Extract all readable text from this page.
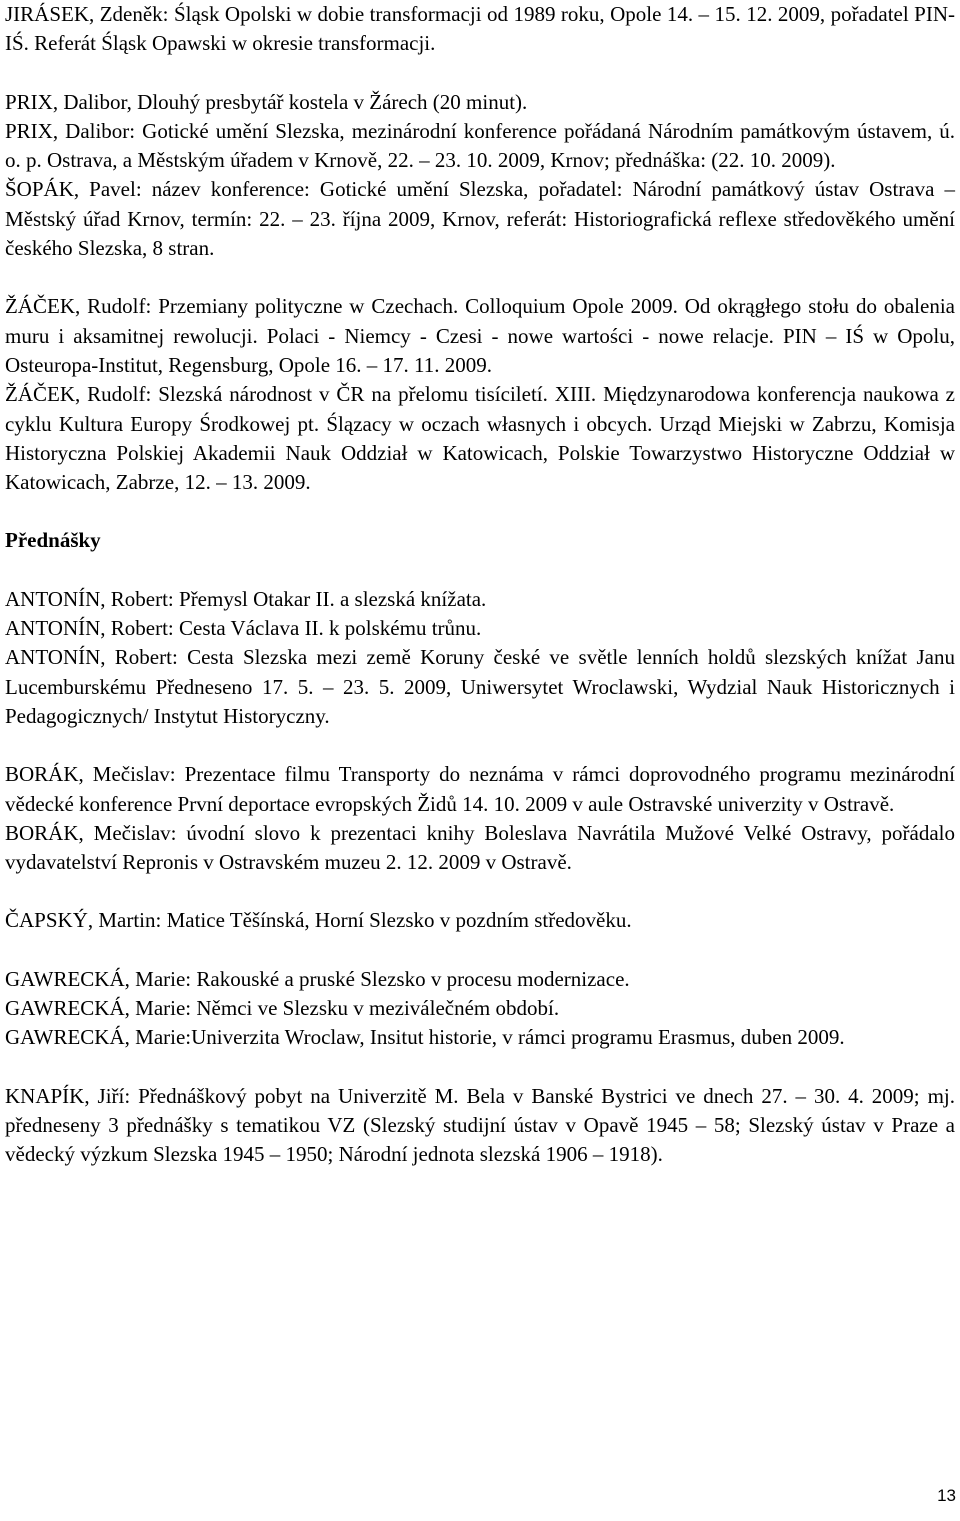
JIRÁSEK, Zdeněk: Śląsk Opolski w dobie transformacji od 1989 roku, Opole 14. – 15. 12. 2009, pořadatel PIN-IŚ. Referát Śląsk Opawski w okresie transformacji.

PRIX, Dalibor, Dlouhý presbytář kostela v Žárech (20 minut).

PRIX, Dalibor: Gotické umění Slezska, mezinárodní konference pořádaná Národním památkovým ústavem, ú. o. p. Ostrava, a Městským úřadem v Krnově, 22. – 23. 10. 2009, Krnov; přednáška: (22. 10. 2009).

ŠOPÁK, Pavel: název konference: Gotické umění Slezska, pořadatel: Národní památkový ústav Ostrava – Městský úřad Krnov, termín: 22. – 23. října 2009, Krnov, referát: Historiografická reflexe středověkého umění českého Slezska, 8 stran.

ŽÁČEK, Rudolf: Przemiany polityczne w Czechach. Colloquium Opole 2009. Od okrągłego stołu do obalenia muru i aksamitnej rewolucji. Polaci - Niemcy - Czesi - nowe wartości - nowe relacje. PIN – IŚ w Opolu, Osteuropa-Institut, Regensburg, Opole 16. – 17. 11. 2009.

ŽÁČEK, Rudolf: Slezská národnost v ČR na přelomu tisíciletí. XIII. Międzynarodowa konferencja naukowa z cyklu Kultura Europy Środkowej pt. Ślązacy w oczach własnych i obcych. Urząd Miejski w Zabrzu, Komisja Historyczna Polskiej Akademii Nauk Oddział w Katowicach, Polskie Towarzystwo Historyczne Oddział w Katowicach, Zabrze, 12. – 13. 2009.

Přednášky

ANTONÍN, Robert: Přemysl Otakar II. a slezská knížata.

ANTONÍN, Robert: Cesta Václava II. k polskému trůnu.

ANTONÍN, Robert: Cesta Slezska mezi země Koruny české ve světle lenních holdů slezských knížat Janu Lucemburskému Předneseno 17. 5. – 23. 5. 2009, Uniwersytet Wroclawski, Wydzial Nauk Historicznych i Pedagogicznych/ Instytut Historyczny.

BORÁK, Mečislav: Prezentace filmu Transporty do neznáma v rámci doprovodného programu mezinárodní vědecké konference První deportace evropských Židů 14. 10. 2009 v aule Ostravské univerzity v Ostravě.

BORÁK, Mečislav: úvodní slovo k prezentaci knihy Boleslava Navrátila Mužové Velké Ostravy, pořádalo vydavatelství Repronis v Ostravském muzeu 2. 12. 2009 v Ostravě.

ČAPSKÝ, Martin: Matice Těšínská, Horní Slezsko v pozdním středověku.

GAWRECKÁ, Marie: Rakouské a pruské Slezsko v procesu modernizace.

GAWRECKÁ, Marie: Němci ve Slezsku v meziválečném období.

GAWRECKÁ, Marie:Univerzita Wroclaw, Insitut historie, v rámci programu Erasmus, duben 2009.

KNAPÍK, Jiří: Přednáškový pobyt na Univerzitě M. Bela v Banské Bystrici ve dnech 27. – 30. 4. 2009; mj. předneseny 3 přednášky s tematikou VZ (Slezský studijní ústav v Opavě 1945 – 58; Slezský ústav v Praze a vědecký výzkum Slezska 1945 – 1950; Národní jednota slezská 1906 – 1918).

13
